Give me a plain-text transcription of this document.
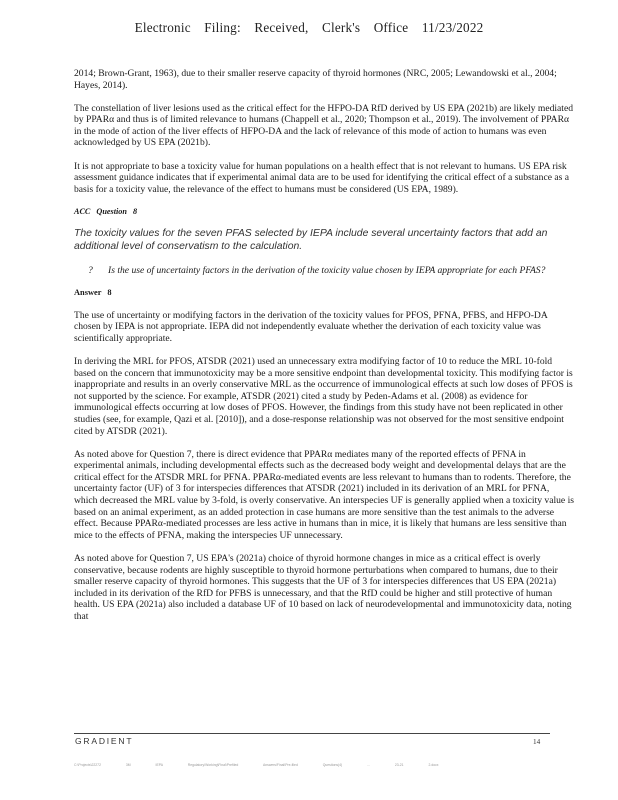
Electronic Filing: Received, Clerk's Office 11/23/2022

2014; Brown-Grant, 1963), due to their smaller reserve capacity of thyroid hormones (NRC, 2005; Lewandowski et al., 2004; Hayes, 2014).

The constellation of liver lesions used as the critical effect for the HFPO-DA RfD derived by US EPA (2021b) are likely mediated by PPARα and thus is of limited relevance to humans (Chappell et al., 2020; Thompson et al., 2019). The involvement of PPARα in the mode of action of the liver effects of HFPO-DA and the lack of relevance of this mode of action to humans was even acknowledged by US EPA (2021b).

It is not appropriate to base a toxicity value for human populations on a health effect that is not relevant to humans. US EPA risk assessment guidance indicates that if experimental animal data are to be used for identifying the critical effect of a substance as a basis for a toxicity value, the relevance of the effect to humans must be considered (US EPA, 1989).

ACC Question 8

The toxicity values for the seven PFAS selected by IEPA include several uncertainty factors that add an additional level of conservatism to the calculation.

? Is the use of uncertainty factors in the derivation of the toxicity value chosen by IEPA appropriate for each PFAS?

Answer 8

The use of uncertainty or modifying factors in the derivation of the toxicity values for PFOS, PFNA, PFBS, and HFPO-DA chosen by IEPA is not appropriate. IEPA did not independently evaluate whether the derivation of each toxicity value was scientifically appropriate.

In deriving the MRL for PFOS, ATSDR (2021) used an unnecessary extra modifying factor of 10 to reduce the MRL 10-fold based on the concern that immunotoxicity may be a more sensitive endpoint than developmental toxicity. This modifying factor is inappropriate and results in an overly conservative MRL as the occurrence of immunological effects at such low doses of PFOS is not supported by the science. For example, ATSDR (2021) cited a study by Peden-Adams et al. (2008) as evidence for immunological effects occurring at low doses of PFOS. However, the findings from this study have not been replicated in other studies (see, for example, Qazi et al. [2010]), and a dose-response relationship was not observed for the most sensitive endpoint cited by ATSDR (2021).

As noted above for Question 7, there is direct evidence that PPARα mediates many of the reported effects of PFNA in experimental animals, including developmental effects such as the decreased body weight and developmental delays that are the critical effect for the ATSDR MRL for PFNA. PPARα-mediated events are less relevant to humans than to rodents. Therefore, the uncertainty factor (UF) of 3 for interspecies differences that ATSDR (2021) included in its derivation of an MRL for PFNA, which decreased the MRL value by 3-fold, is overly conservative. An interspecies UF is generally applied when a toxicity value is based on an animal experiment, as an added protection in case humans are more sensitive than the test animals to the adverse effect. Because PPARα-mediated processes are less active in humans than in mice, it is likely that humans are less sensitive than mice to the effects of PFNA, making the interspecies UF unnecessary.

As noted above for Question 7, US EPA's (2021a) choice of thyroid hormone changes in mice as a critical effect is overly conservative, because rodents are highly susceptible to thyroid hormone perturbations when compared to humans, due to their smaller reserve capacity of thyroid hormones. This suggests that the UF of 3 for interspecies differences that US EPA (2021a) included in its derivation of the RfD for PFBS is unnecessary, and that the RfD could be higher and still protective of human health. US EPA (2021a) also included a database UF of 10 based on lack of neurodevelopmental and immunotoxicity data, noting that

GRADIENT	14
C:\Projects\22272 3M IEPA Regulatory\Working\Final\Prefiled Answers\Final\Pre-filed Questions(4) ... 23-21 2.docx
